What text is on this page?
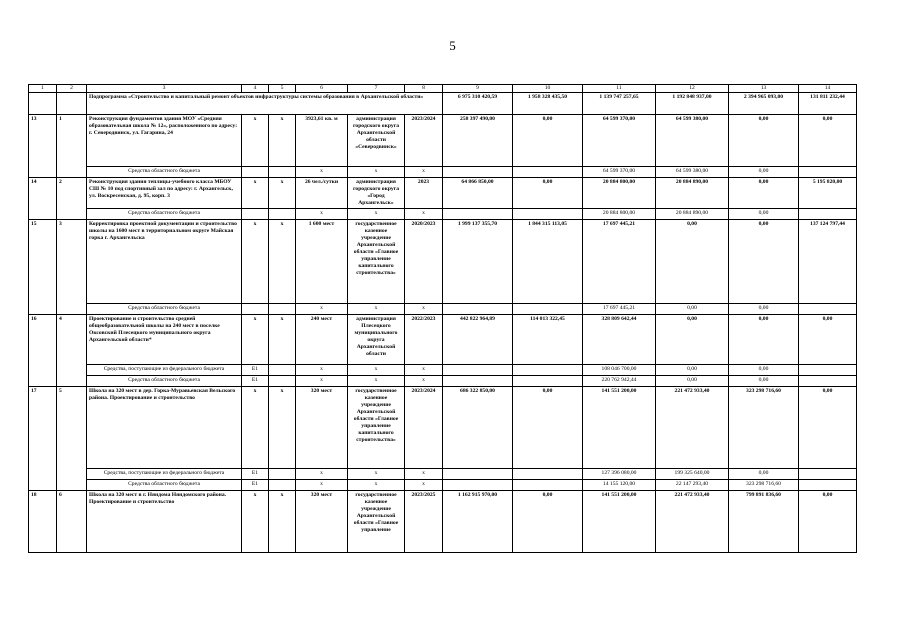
5
1	2	3	4	5	6	7	8	9	10	11	12	13	14
		Подпрограмма «Строительство и капитальный ремонт объектов инфраструктуры системы образования в Архангельской области»						6 975 310 420,59	1 958 328 435,50	1 139 747 257,65	1 192 848 937,00	2 394 965 093,00	131 811 232,44
13	1	Реконструкция фундаментов здания МОУ «Средняя образовательная школа № 12», расположенного по адресу: г. Северодвинск, ул. Гагарина, 24	х	х	3923,61 кв. м	администрация городского округа Архангельской области «Северодвинск»	2023/2024	258 397 490,00	0,00	64 599 370,00	64 599 380,00	0,00	0,00
		Средства областного бюджета			х	х	х			64 599 370,00	64 599 380,00	0,00	
14	2	Реконструкция здания теплицы-учебного класса МБОУ СШ № 10 под спортивный зал по адресу: г. Архангельск, ул. Воскресенская, д. 95, корп. 3	х	х	26 чел./сутки	администрация городского округа «Город Архангельск»	2023	64 866 850,00	0,00	20 884 800,00	20 884 890,00	0,00	5 195 820,00
		Средства областного бюджета			х	х	х			20 884 800,00	20 884 890,00	0,00	
15	3	Корректировка проектной документации и строительство школы на 1600 мест в территориальном округе Майская горка г. Архангельска	х	х	1 600 мест	государственное казенное учреждение Архангельской области «Главное управление капитального строительства»	2020/2023	1 999 137 355,70	1 844 315 113,05	17 697 445,21	0,00	0,00	137 124 797,44
		Средства областного бюджета			х	х	х			17 697 445,21	0,00	0,00	
16	4	Проектирование и строительство средней общеобразовательной школы на 240 мест в поселке Оксовский Плесецкого муниципального округа Архангельской области*	х	х	240 мест	администрация Плесецкого муниципального округа Архангельской области	2022/2023	442 822 964,89	114 013 322,45	328 809 642,44	0,00	0,00	0,00
		Средства, поступающие из федерального бюджета	E1		х	х	х			108 046 700,00	0,00	0,00	
		Средства областного бюджета	E1		х	х	х			220 762 942,44	0,00	0,00	
17	5	Школа на 320 мест в дер. Горка-Муравьевская Вельского района. Проектирование и строительство	х	х	320 мест	государственное казенное учреждение Архангельской области «Главное управление капитального строительства»	2023/2024	686 322 850,00	0,00	141 551 200,00	221 472 933,40	323 298 716,60	0,00
		Средства, поступающие из федерального бюджета	E1		х	х	х			127 396 080,00	199 325 640,00	0,00	
		Средства областного бюджета	E1		х	х	х			14 155 120,00	22 147 293,40	323 298 716,60	
18	6	Школа на 320 мест в г. Няндома Няндомского района. Проектирование и строительство	х	х	320 мест	государственное казенное учреждение Архангельской области «Главное управление	2023/2025	1 162 915 970,00	0,00	141 551 200,00	221 472 933,40	799 891 836,60	0,00
